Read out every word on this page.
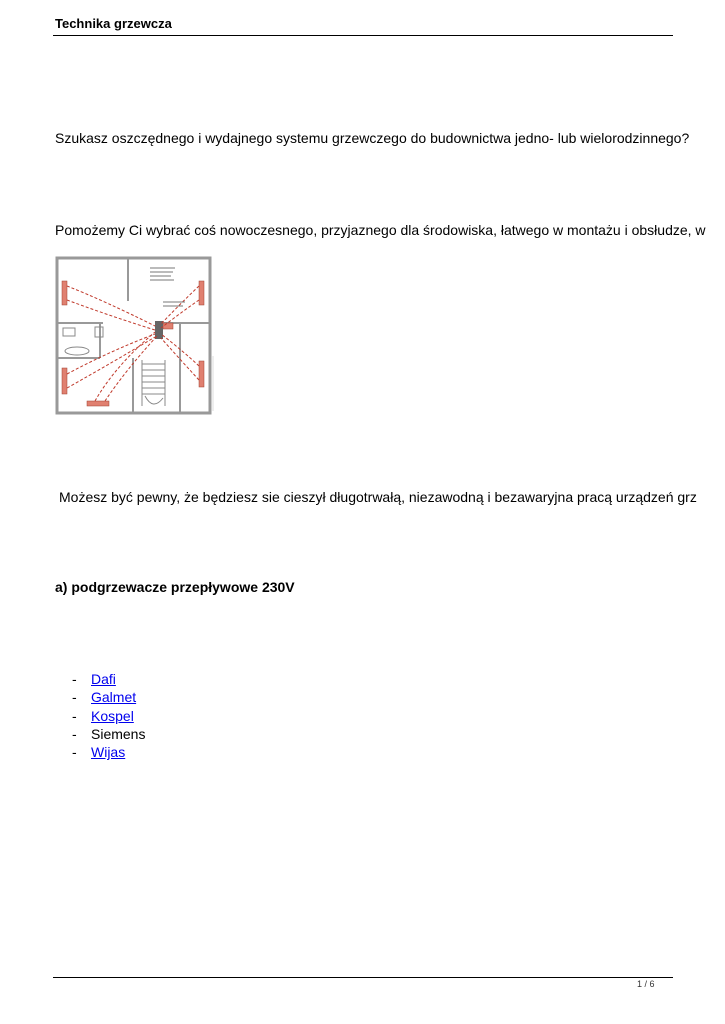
Technika grzewcza
Szukasz oszczędnego i wydajnego systemu grzewczego do budownictwa jedno- lub wielorodzinnego?
Pomożemy Ci wybrać coś nowoczesnego, przyjaznego dla środowiska, łatwego w montażu i obsłudze, w
Możesz być pewny, że będziesz sie cieszył długotrwałą, niezawodną i bezawaryjna pracą urządzeń grz
a) podgrzewacze przepływowe 230V
- Dafi
- Galmet
- Kospel
- Siemens
- Wijas
1 / 6
